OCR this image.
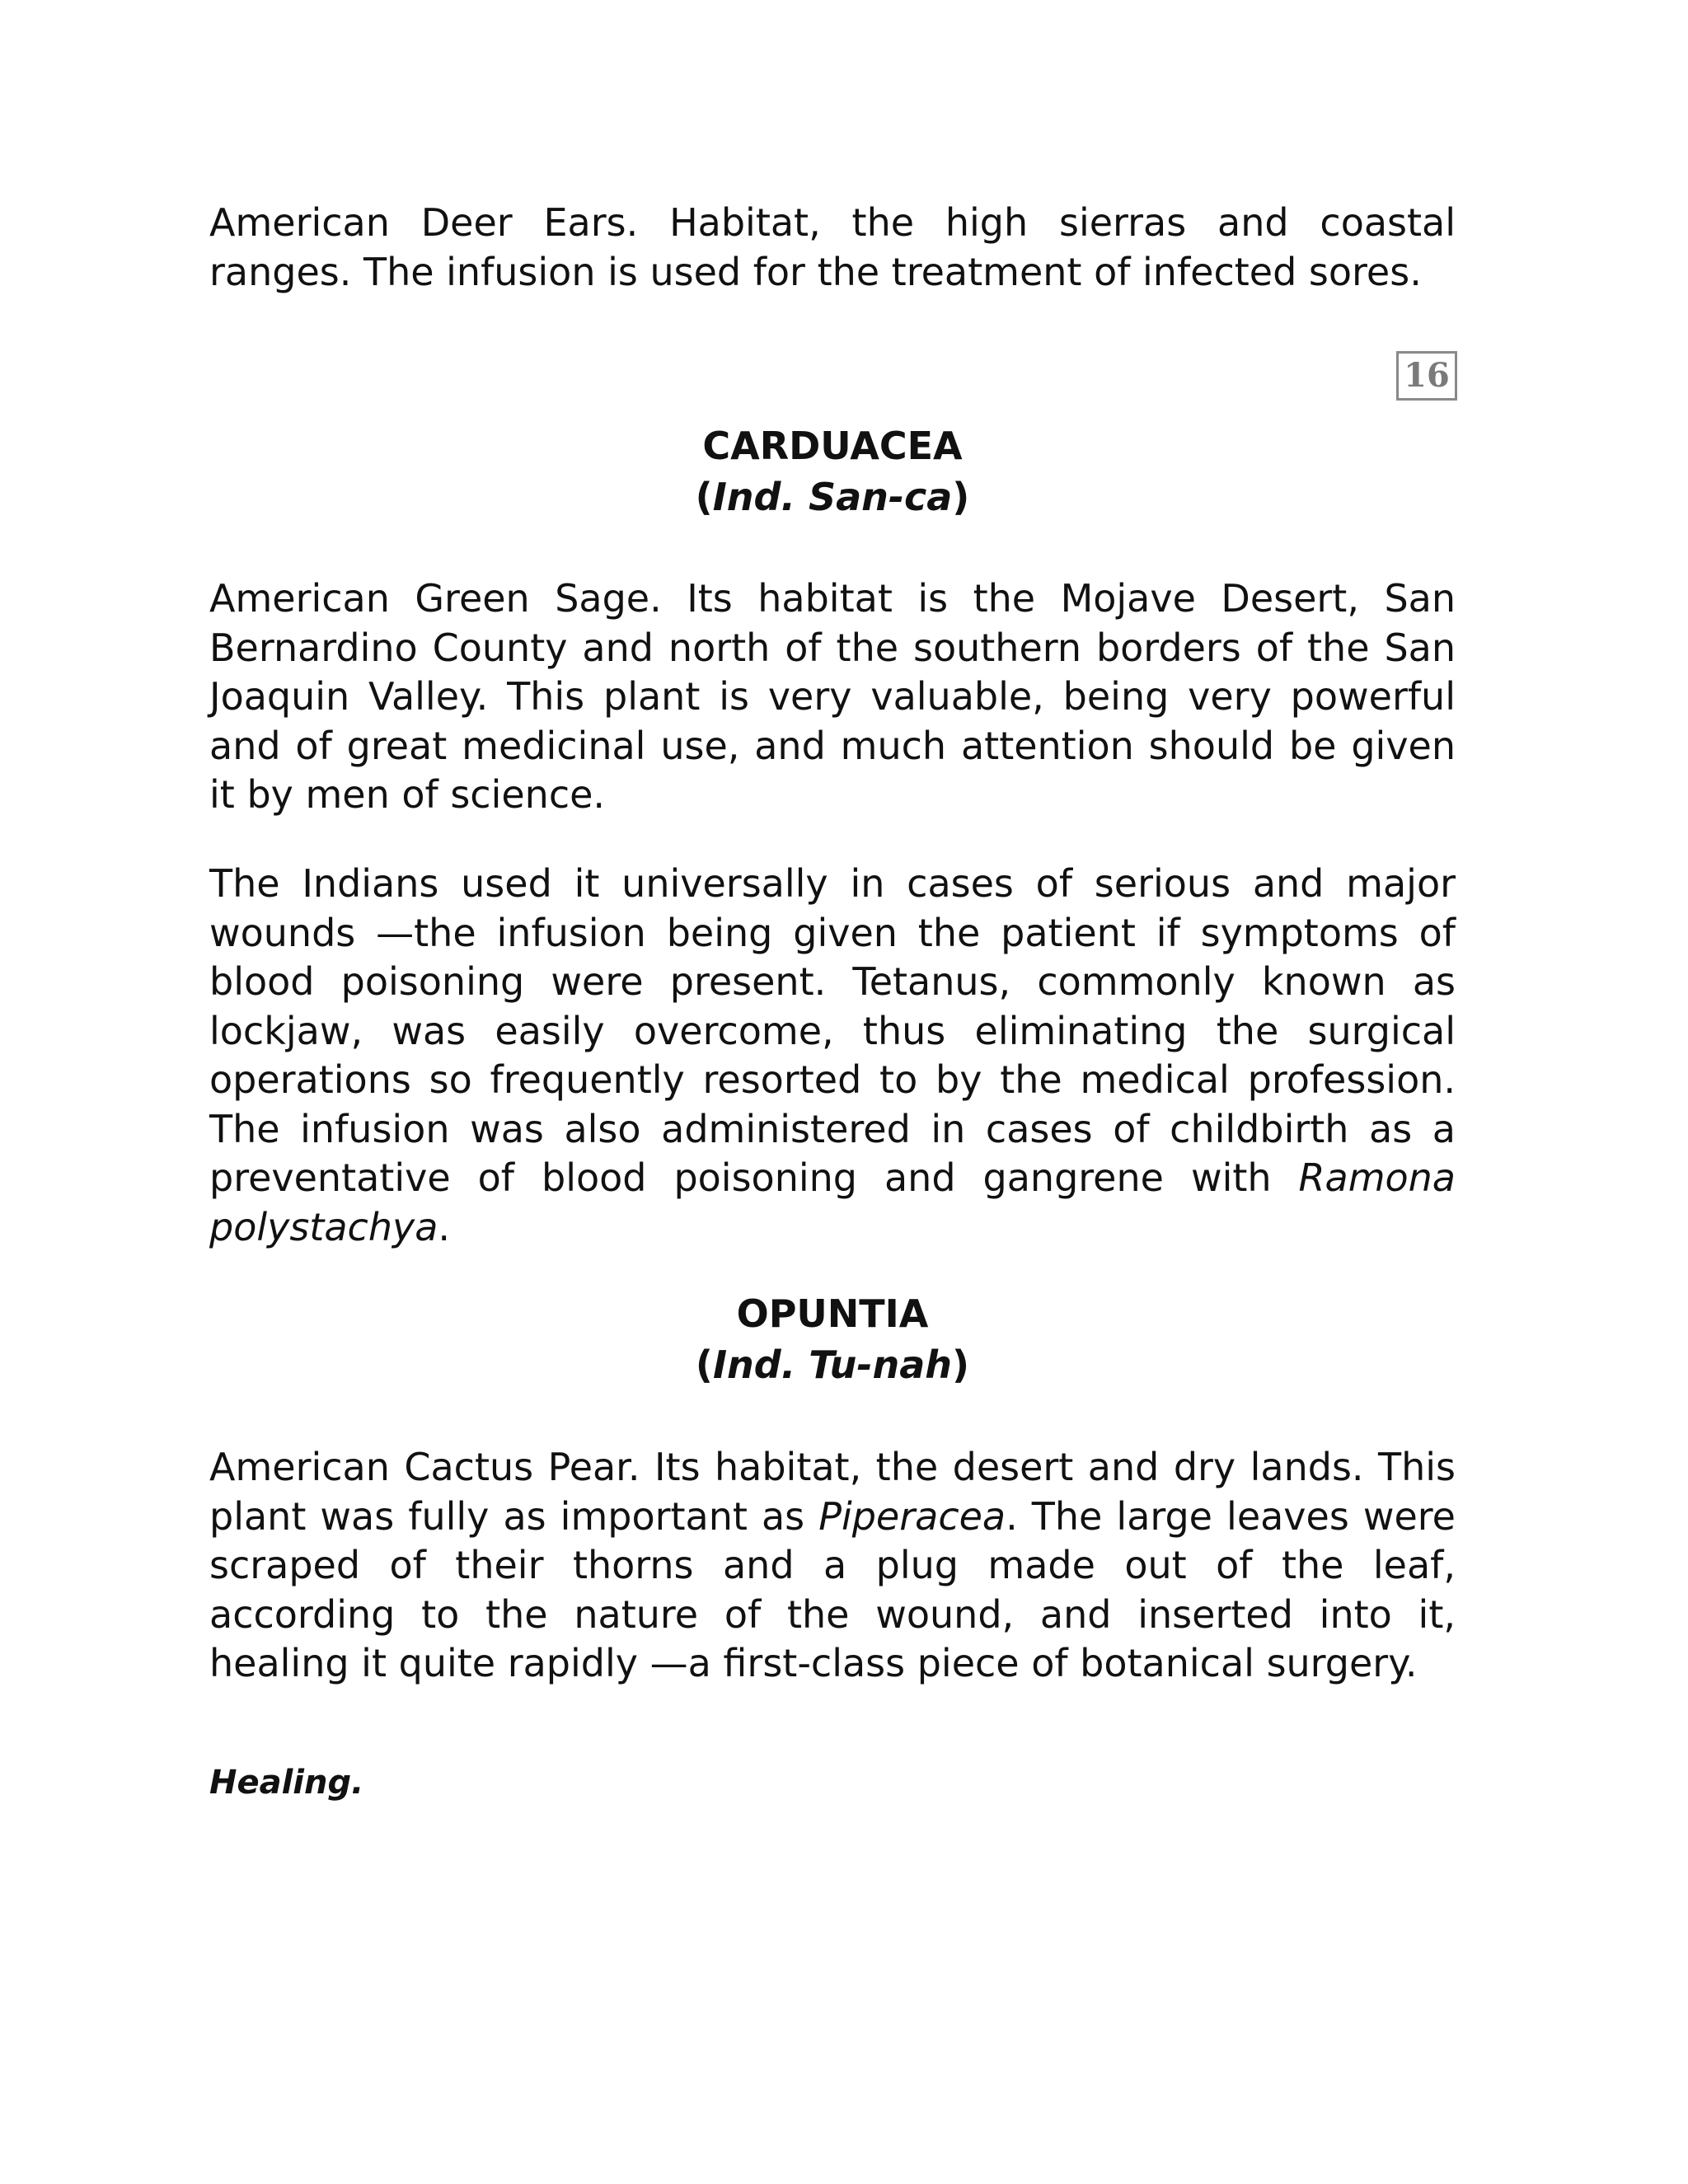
American Deer Ears. Habitat, the high sierras and coastal ranges. The infusion is used for the treatment of infected sores.

16
CARDUACEA
(Ind. San-ca)

American Green Sage. Its habitat is the Mojave Desert, San Bernardino County and north of the southern borders of the San Joaquin Valley. This plant is very valuable, being very powerful and of great medicinal use, and much attention should be given it by men of science.

The Indians used it universally in cases of serious and major wounds —the infusion being given the patient if symptoms of blood poisoning were present. Tetanus, commonly known as lockjaw, was easily overcome, thus eliminating the surgical operations so frequently resorted to by the medical profession. The infusion was also administered in cases of childbirth as a preventative of blood poisoning and gangrene with Ramona polystachya.

OPUNTIA
(Ind. Tu-nah)

American Cactus Pear. Its habitat, the desert and dry lands. This plant was fully as important as Piperacea. The large leaves were scraped of their thorns and a plug made out of the leaf, according to the nature of the wound, and inserted into it, healing it quite rapidly —a first-class piece of botanical surgery.

Healing.
